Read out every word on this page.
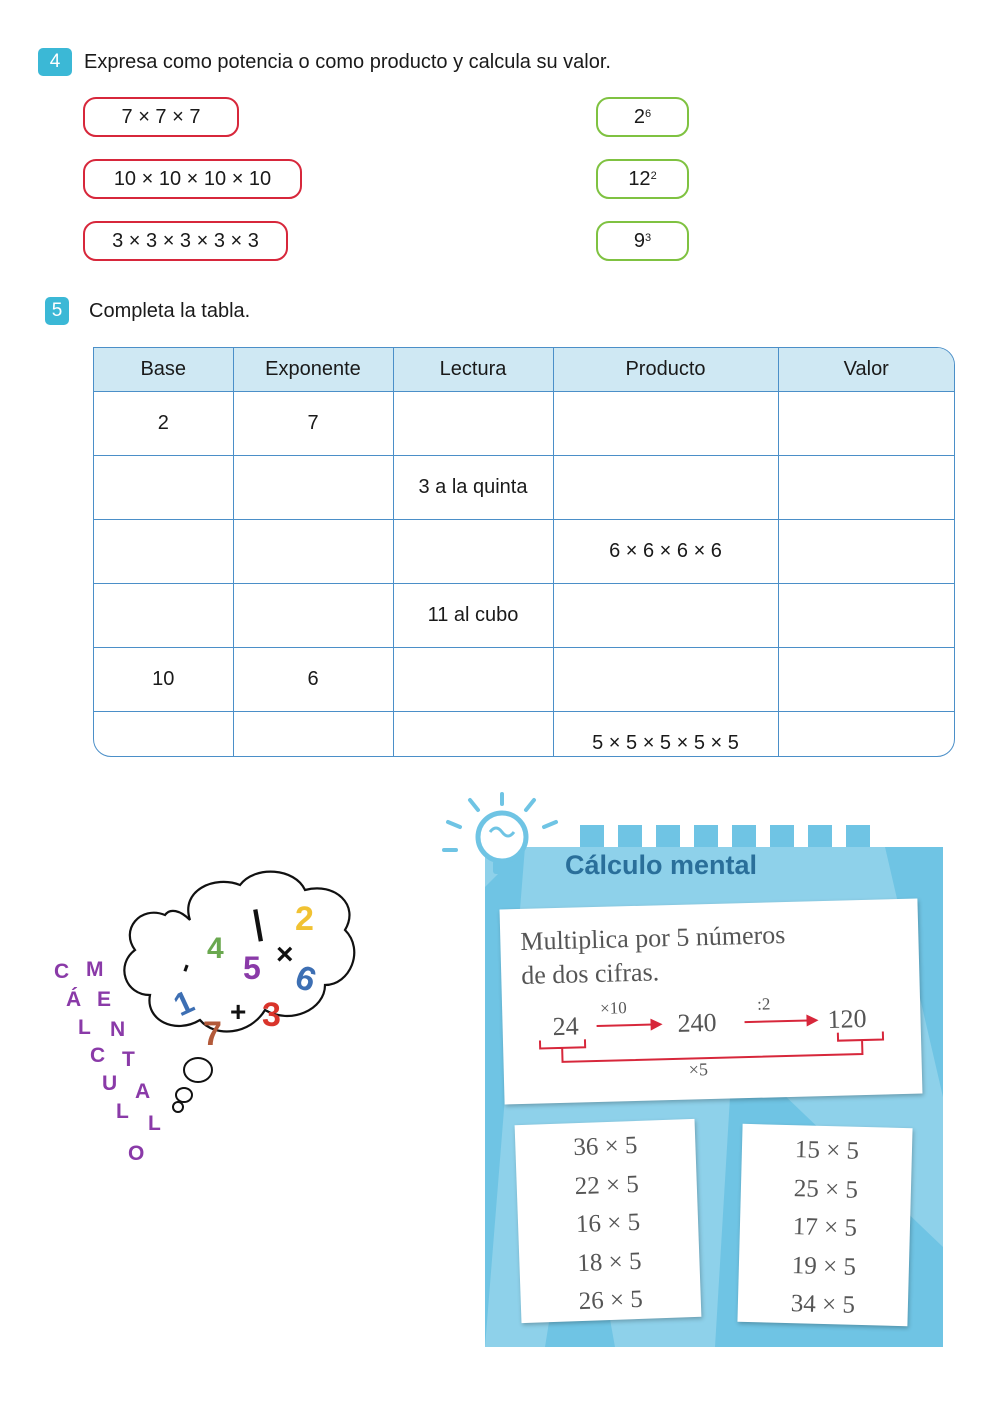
4	Expresa como potencia o como producto y calcula su valor.
7 × 7 × 7
10 × 10 × 10 × 10
3 × 3 × 3 × 3 × 3
$2^6$
$12^2$
$9^3$
5	Completa la tabla.
Base	Exponente	Lectura	Producto	Valor
2	7			
		3 a la quinta		
			6 × 6 × 6 × 6	
		11 al cubo		
10	6			
			5 × 5 × 5 × 5 × 5	
-
4
| 2
5 ×
6
1
7
+ 3
C
Á
L
C
U
L
O
M
E
N
T
A
L
Cálculo mental
Multiplica por 5 números
de dos cifras.
24
×10 240
:2 120
×5
36 × 5
22 × 5
16 × 5
18 × 5
26 × 5
15 × 5
25 × 5
17 × 5
19 × 5
34 × 5
